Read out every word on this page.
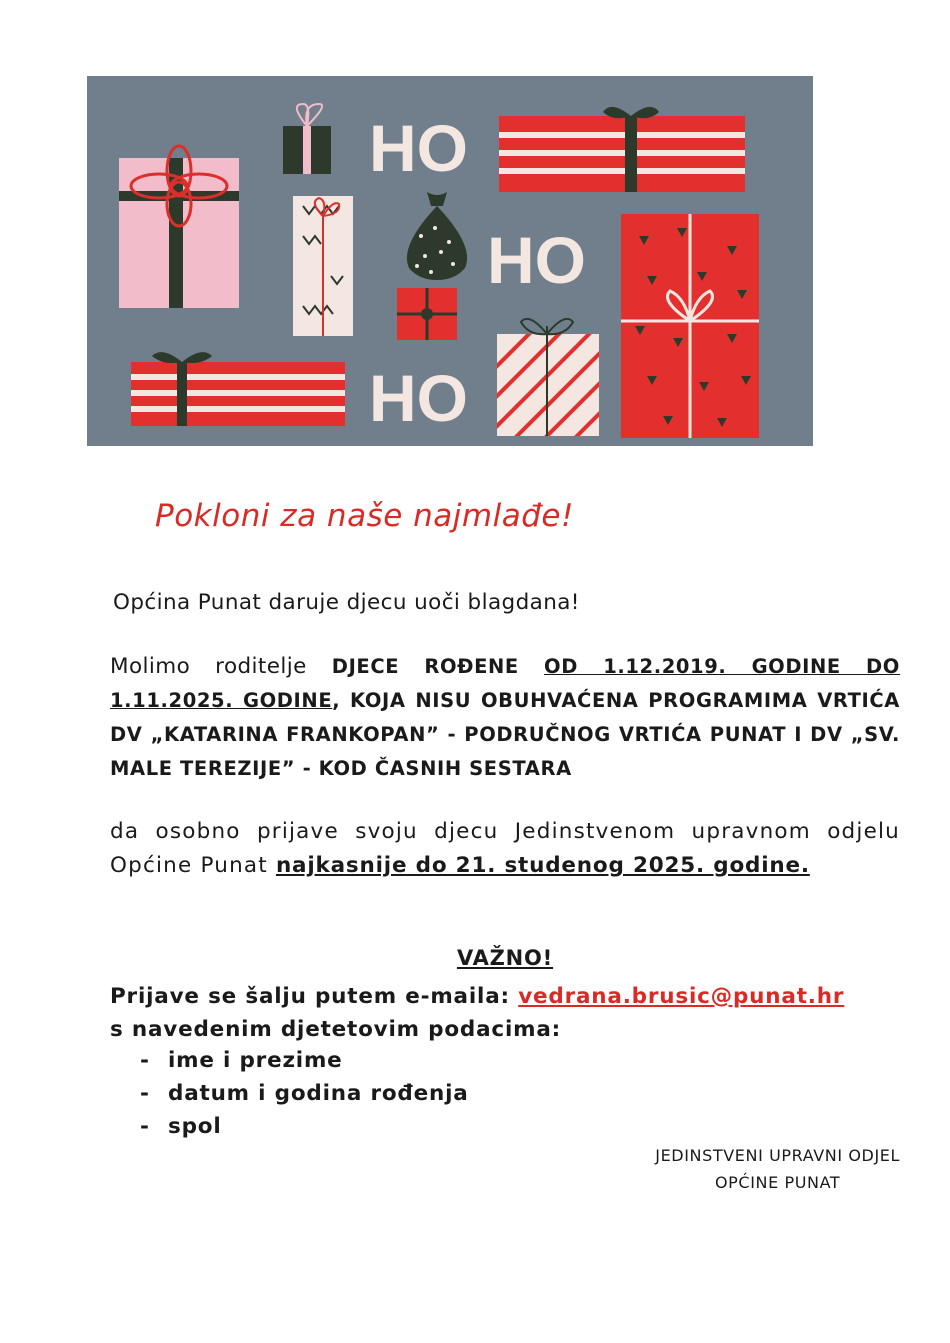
HO
HO
HO
Pokloni za naše najmlađe!
Općina Punat daruje djecu uoči blagdana!
Molimo roditelje DJECE ROĐENE OD 1.12.2019. GODINE DO 1.11.2025. GODINE, KOJA NISU OBUHVAĆENA PROGRAMIMA VRTIĆA DV „KATARINA FRANKOPAN” - PODRUČNOG VRTIĆA PUNAT I DV „SV. MALE TEREZIJE” - KOD ČASNIH SESTARA
da osobno prijave svoju djecu Jedinstvenom upravnom odjelu Općine Punat najkasnije do 21. studenog 2025. godine.
VAŽNO!
Prijave se šalju putem e-maila: vedrana.brusic@punat.hr
s navedenim djetetovim podacima:
- ime i prezime
- datum i godina rođenja
- spol
JEDINSTVENI UPRAVNI ODJEL
OPĆINE PUNAT
